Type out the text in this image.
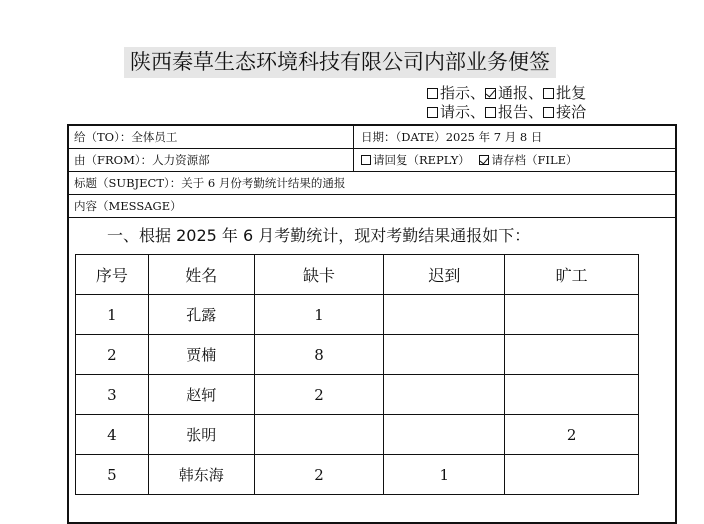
陕西秦草生态环境科技有限公司内部业务便签
指示、 通报、 批复
请示、 报告、 接洽
给（TO）：全体员工	日期：（DATE）2025 年 7 月 8 日
由（FROM）：人力资源部	请回复（REPLY） 请存档（FILE）
标题（SUBJECT）：关于 6 月份考勤统计结果的通报
内容（MESSAGE）
一、根据 2025 年 6 月考勤统计，现对考勤结果通报如下：
序号	姓名	缺卡	迟到	旷工
1	孔露	1		
2	贾楠	8		
3	赵轲	2		
4	张明			2
5	韩东海	2	1	
